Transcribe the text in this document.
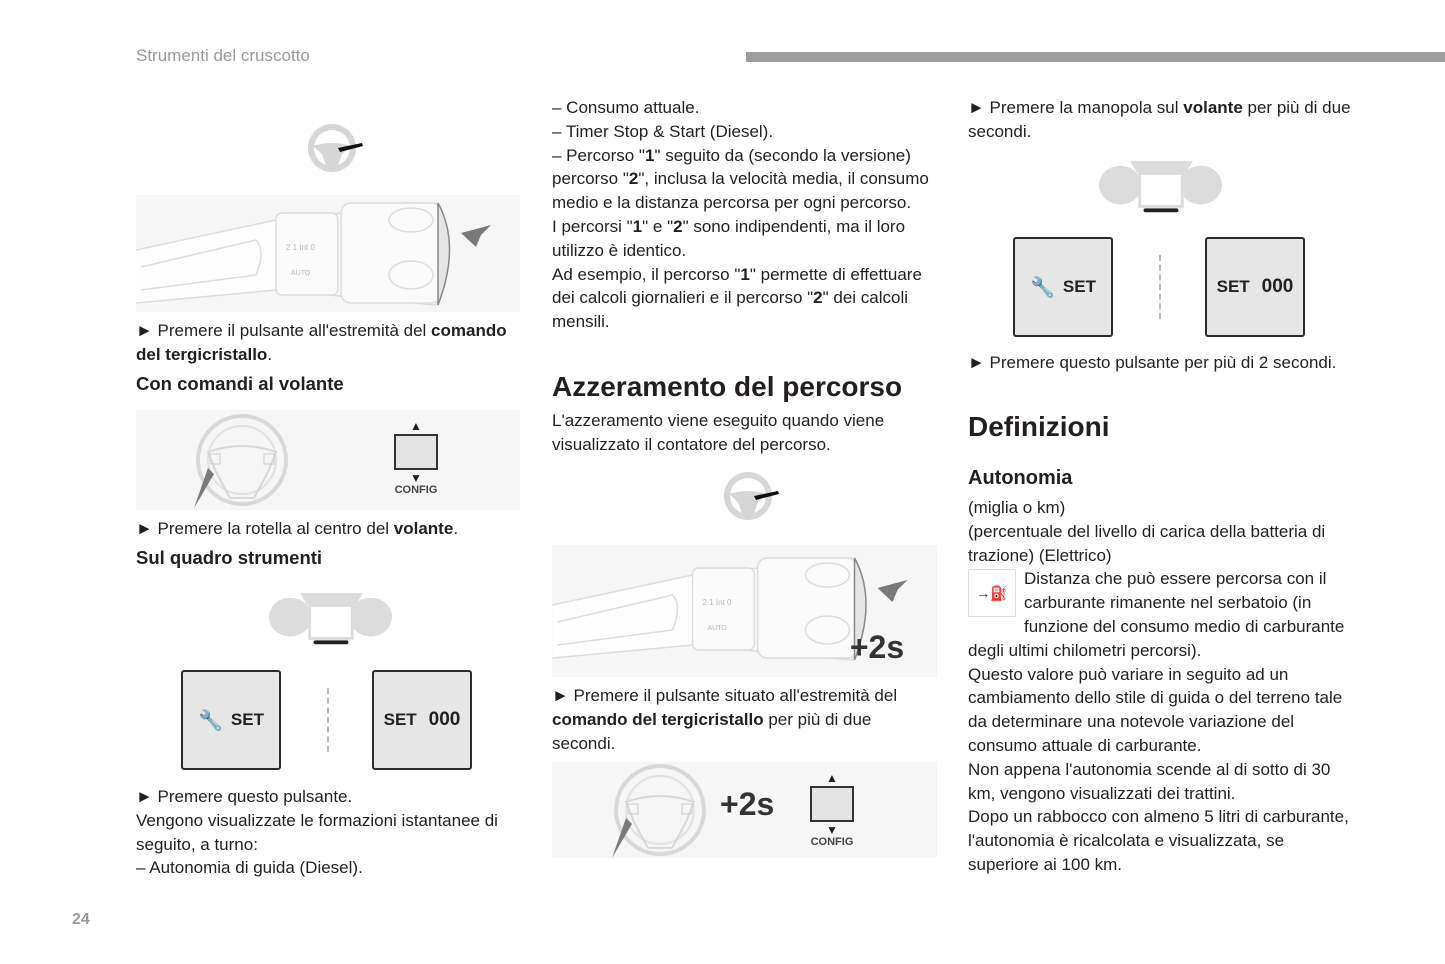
Strumenti del cruscotto
24

► Premere il pulsante all'estremità del comando del tergicristallo.

Con comandi al volante
▲
▼
CONFIG

► Premere la rotella al centro del volante.

Sul quadro strumenti
🔧 SET	SET 000

► Premere questo pulsante.

Vengono visualizzate le formazioni istantanee di seguito, a turno:

– Autonomia di guida (Diesel).

– Consumo attuale.

– Timer Stop & Start (Diesel).

– Percorso "1" seguito da (secondo la versione) percorso "2", inclusa la velocità media, il consumo medio e la distanza percorsa per ogni percorso.

I percorsi "1" e "2" sono indipendenti, ma il loro utilizzo è identico.

Ad esempio, il percorso "1" permette di effettuare dei calcoli giornalieri e il percorso "2" dei calcoli mensili.

Azzeramento del percorso

L'azzeramento viene eseguito quando viene visualizzato il contatore del percorso.

+2s

► Premere il pulsante situato all'estremità del comando del tergicristallo per più di due secondi.

+2s
▲
▼
CONFIG

► Premere la manopola sul volante per più di due secondi.

🔧 SET	SET 000

► Premere questo pulsante per più di 2 secondi.

Definizioni
Autonomia

(miglia o km)

(percentuale del livello di carica della batteria di trazione) (Elettrico)

→⛽

Distanza che può essere percorsa con il carburante rimanente nel serbatoio (in funzione del consumo medio di carburante degli ultimi chilometri percorsi).

Questo valore può variare in seguito ad un cambiamento dello stile di guida o del terreno tale da determinare una notevole variazione del consumo attuale di carburante.

Non appena l'autonomia scende al di sotto di 30 km, vengono visualizzati dei trattini.

Dopo un rabbocco con almeno 5 litri di carburante, l'autonomia è ricalcolata e visualizzata, se superiore ai 100 km.
